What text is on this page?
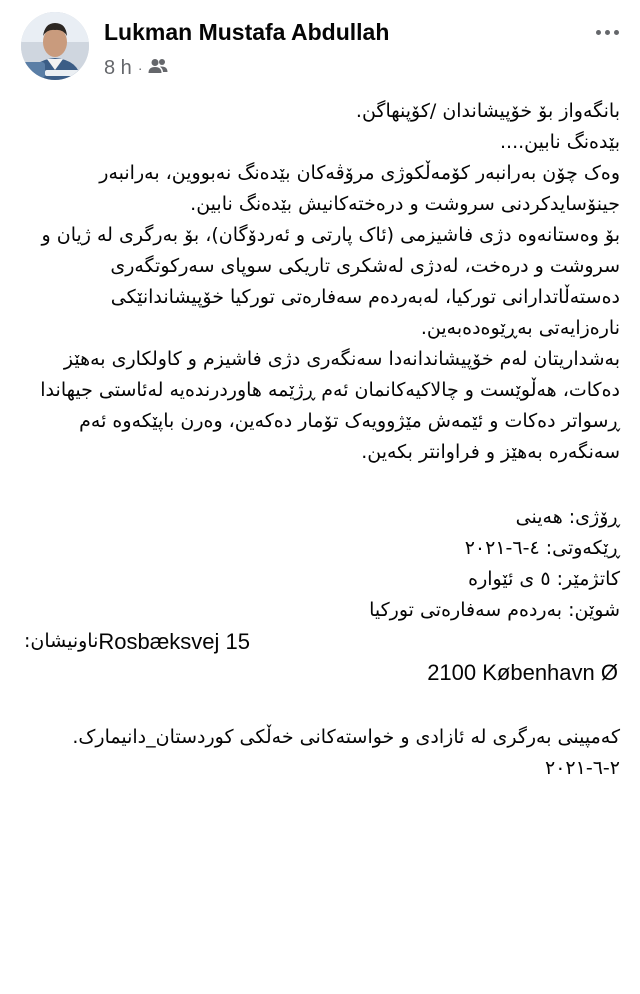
Lukman Mustafa Abdullah
8 h ·

بانگەواز بۆ خۆپیشاندان /کۆپنهاگن.

بێدەنگ نابین....

وەک چۆن بەرانبەر کۆمەڵکوژی مرۆڤەکان بێدەنگ نەبووین، بەرانبەر جینۆسایدکردنی سروشت و درەختەکانیش بێدەنگ نابین.

بۆ وەستانەوە دژی فاشیزمی (ئاک پارتی و ئەردۆگان)، بۆ بەرگری لە ژیان و سروشت و درەخت، لەدژی لەشکری تاریکی سوپای سەرکوتگەری دەستەڵاتدارانی تورکیا، لەبەردەم سەفارەتی تورکیا خۆپیشاندانێکی نارەزایەتی بەڕێوەدەبەین.

بەشداریتان لەم خۆپیشاندانەدا سەنگەری دژی فاشیزم و کاولکاری بەهێز دەکات، هەڵوێست و چالاکیەکانمان ئەم ڕژێمە هاوردرندەیە لەئاستی جیهاندا ڕسواتر دەکات و ئێمەش مێژوویەک تۆمار دەکەین، وەرن باپێکەوە ئەم سەنگەرە بەهێز و فراوانتر بکەین.

ڕۆژی: هەینی

ڕێکەوتی: ٤-٦-٢٠٢١

کاتژمێر: ٥ ی ئێوارە

شوێن: بەردەم سەفارەتی تورکیا

ناونیشان: Rosbæksvej 15

2100 København Ø

کەمپینی بەرگری لە ئازادی و خواستەکانی خەڵکی کوردستان_دانیمارک.

٢-٦-٢٠٢١
